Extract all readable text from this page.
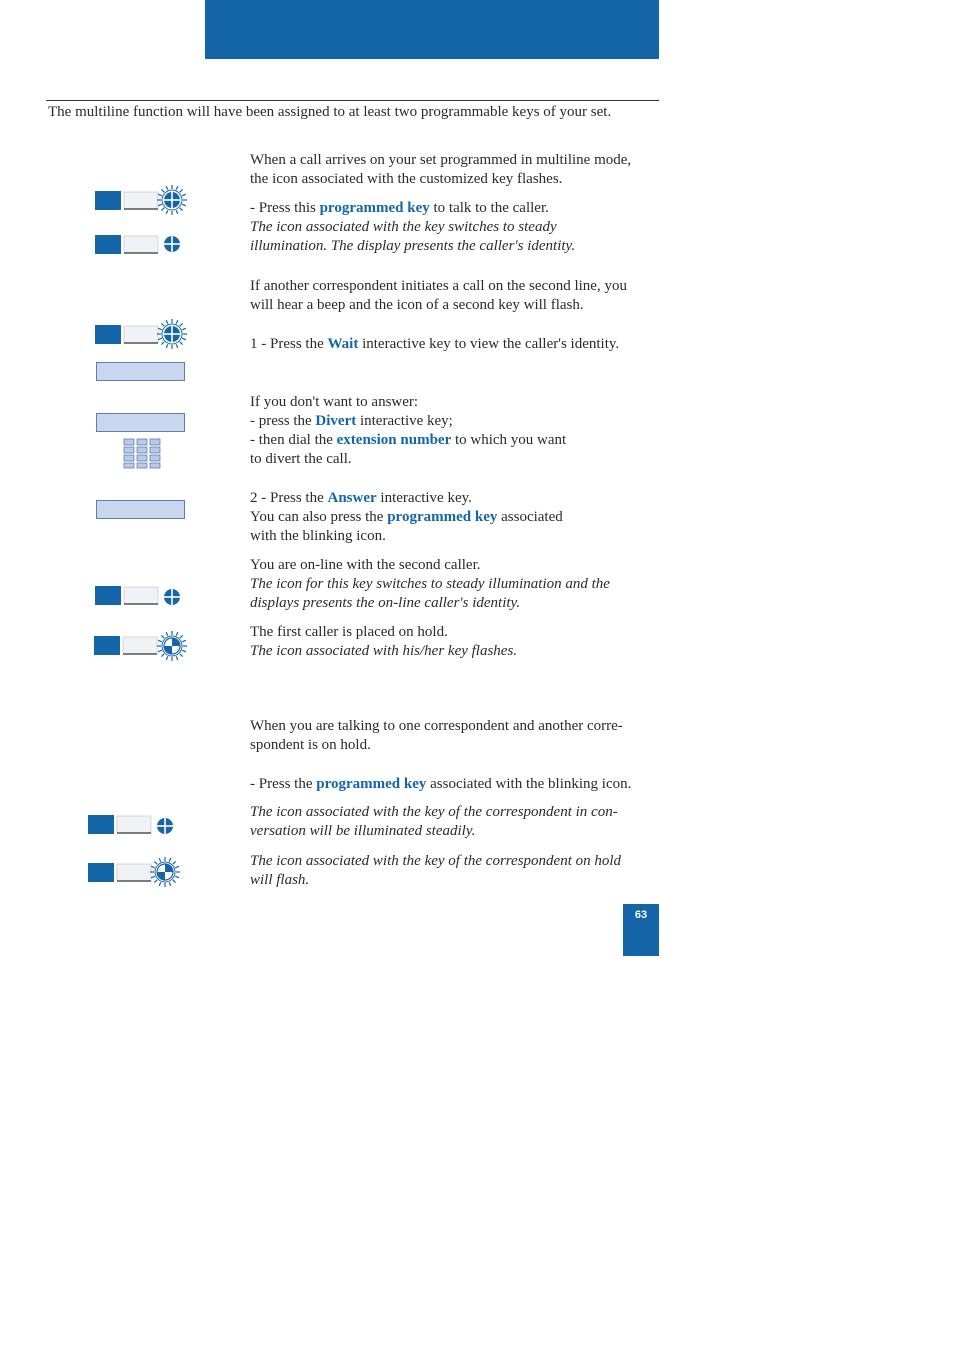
The multiline function will have been assigned to at least two programmable keys of your set.

When a call arrives on your set programmed in multiline mode,

the icon associated with the customized key flashes.

- Press this programmed key to talk to the caller.

The icon associated with the key switches to steady

illumination. The display presents the caller's identity.

If another correspondent initiates a call on the second line, you

will hear a beep and the icon of a second key will flash.

1 - Press the Wait interactive key to view the caller's identity.

If you don't want to answer:

- press the Divert interactive key;

- then dial the extension number to which you want

to divert the call.

2 - Press the Answer interactive key.

You can also press the programmed key associated

with the blinking icon.

You are on-line with the second caller.

The icon for this key switches to steady illumination and the

displays presents the on-line caller's identity.

The first caller is placed on hold.

The icon associated with his/her key flashes.

When you are talking to one correspondent and another corre-

spondent is on hold.

- Press the programmed key associated with the blinking icon.

The icon associated with the key of the correspondent in con-

versation will be illuminated steadily.

The icon associated with the key of the correspondent on hold

will flash.

63
